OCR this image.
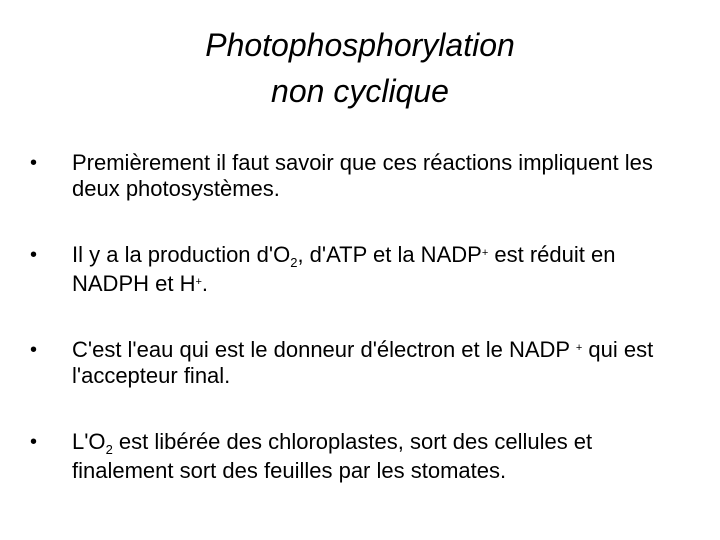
Photophosphorylation
non cyclique
• Premièrement il faut savoir que ces réactions impliquent les deux photosystèmes.
• Il y a la production $d'O_2$, d'ATP et la NADP+ est réduit en NADPH et H+.
• C'est l'eau qui est le donneur d'électron et le NADP + qui est l'accepteur final.
• $L'O_2$ est libérée des chloroplastes, sort des cellules et finalement sort des feuilles par les stomates.
